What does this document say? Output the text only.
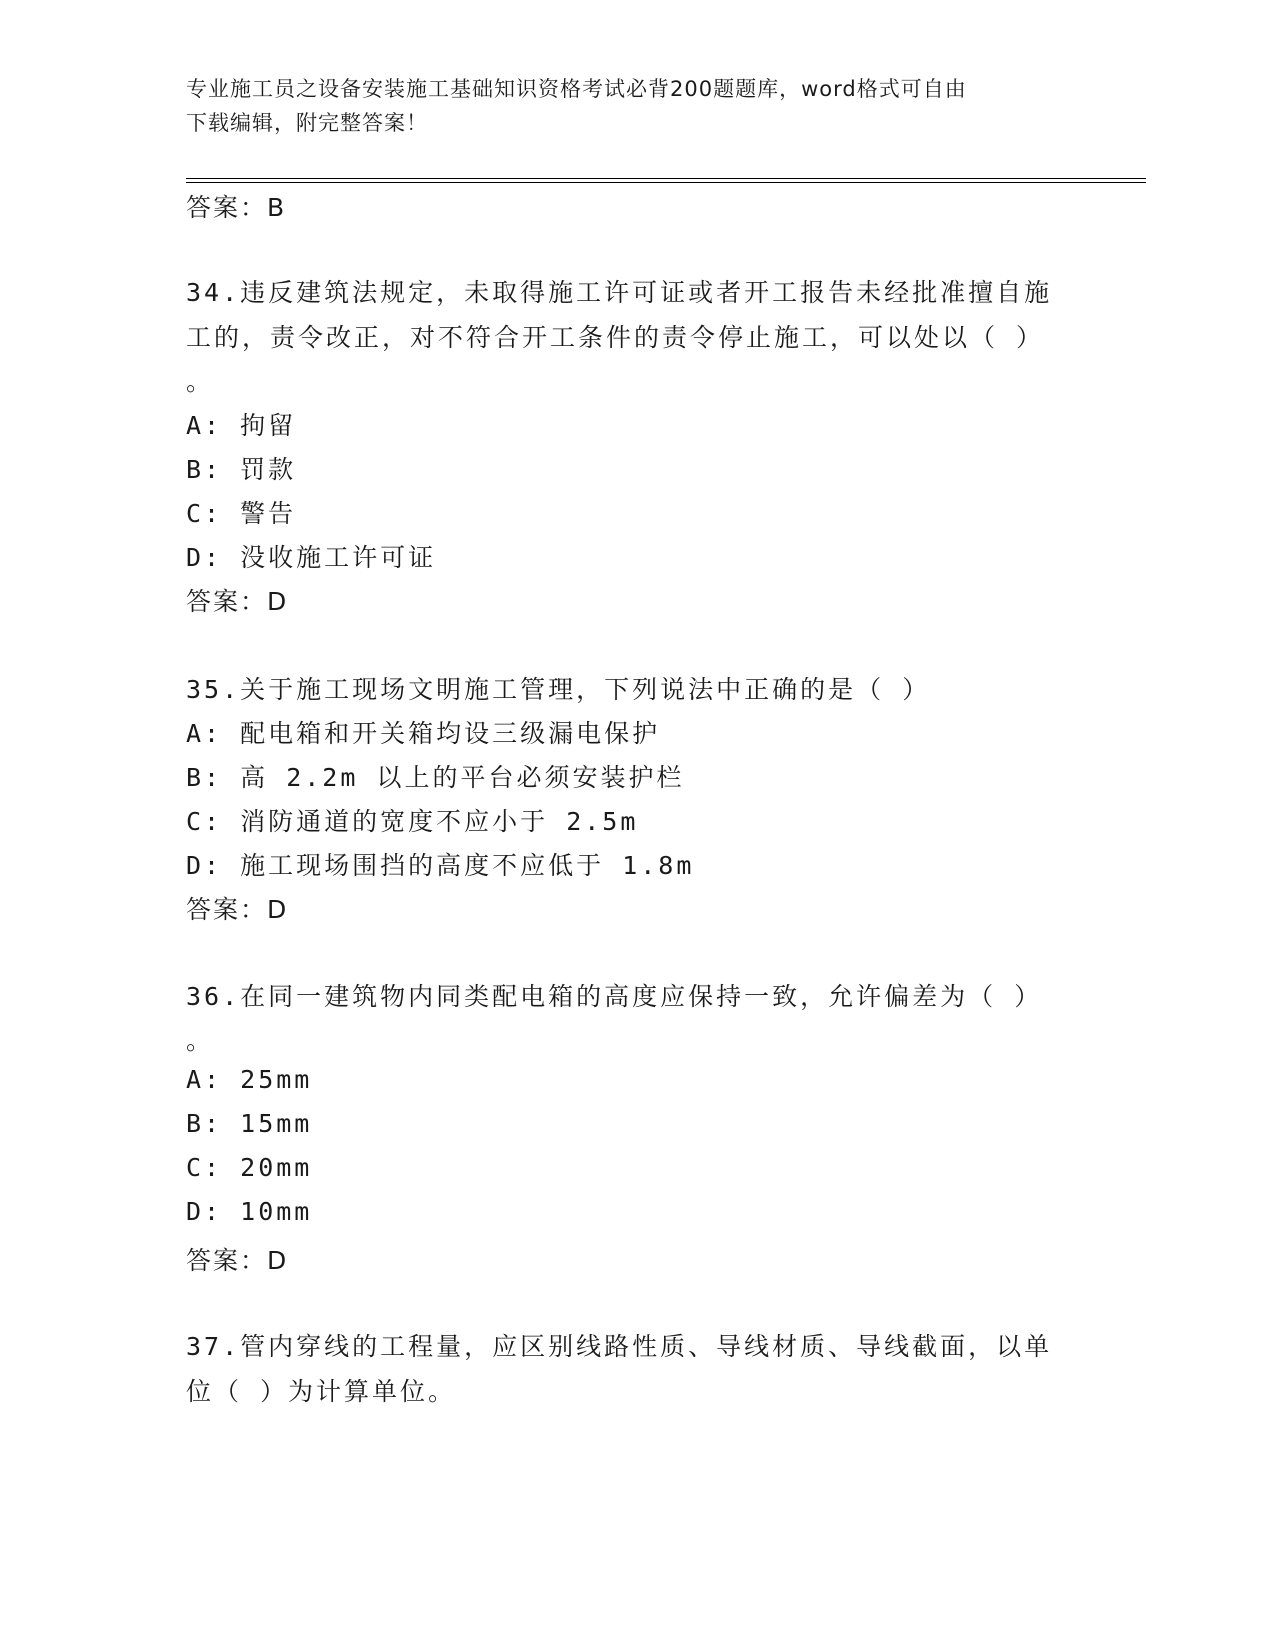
专业施工员之设备安装施工基础知识资格考试必背200题题库，word格式可自由
下载编辑，附完整答案！
答案：B
34.违反建筑法规定，未取得施工许可证或者开工报告未经批准擅自施
工的，责令改正，对不符合开工条件的责令停止施工，可以处以（ ）
。
A: 拘留
B: 罚款
C: 警告
D: 没收施工许可证
答案：D
35.关于施工现场文明施工管理，下列说法中正确的是（ ）
A: 配电箱和开关箱均设三级漏电保护
B: 高 2.2m 以上的平台必须安装护栏
C: 消防通道的宽度不应小于 2.5m
D: 施工现场围挡的高度不应低于 1.8m
答案：D
36.在同一建筑物内同类配电箱的高度应保持一致，允许偏差为（ ）
。
A: 25mm
B: 15mm
C: 20mm
D: 10mm
答案：D
37.管内穿线的工程量，应区别线路性质、导线材质、导线截面，以单
位（ ）为计算单位。
